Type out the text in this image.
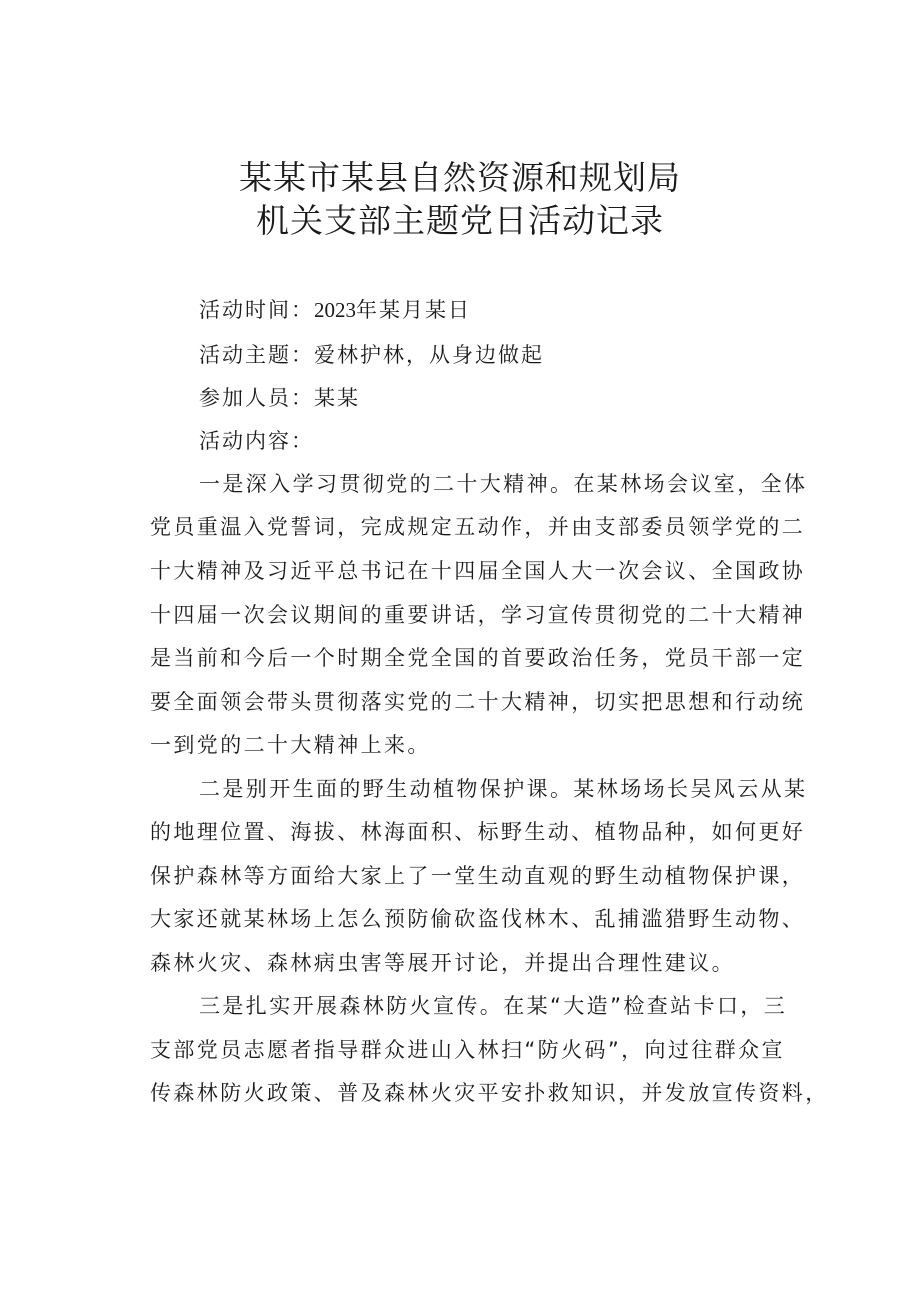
某某市某县自然资源和规划局
机关支部主题党日活动记录
活动时间：2023年某月某日
活动主题：爱林护林，从身边做起
参加人员：某某
活动内容：
一是深入学习贯彻党的二十大精神。在某林场会议室，全体
党员重温入党誓词，完成规定五动作，并由支部委员领学党的二
十大精神及习近平总书记在十四届全国人大一次会议、全国政协
十四届一次会议期间的重要讲话，学习宣传贯彻党的二十大精神
是当前和今后一个时期全党全国的首要政治任务，党员干部一定
要全面领会带头贯彻落实党的二十大精神，切实把思想和行动统
一到党的二十大精神上来。
二是别开生面的野生动植物保护课。某林场场长吴风云从某
的地理位置、海拔、林海面积、标野生动、植物品种，如何更好
保护森林等方面给大家上了一堂生动直观的野生动植物保护课，
大家还就某林场上怎么预防偷砍盗伐林木、乱捕滥猎野生动物、
森林火灾、森林病虫害等展开讨论，并提出合理性建议。
三是扎实开展森林防火宣传。在某“大造”检查站卡口，三
支部党员志愿者指导群众进山入林扫“防火码”，向过往群众宣
传森林防火政策、普及森林火灾平安扑救知识，并发放宣传资料，
